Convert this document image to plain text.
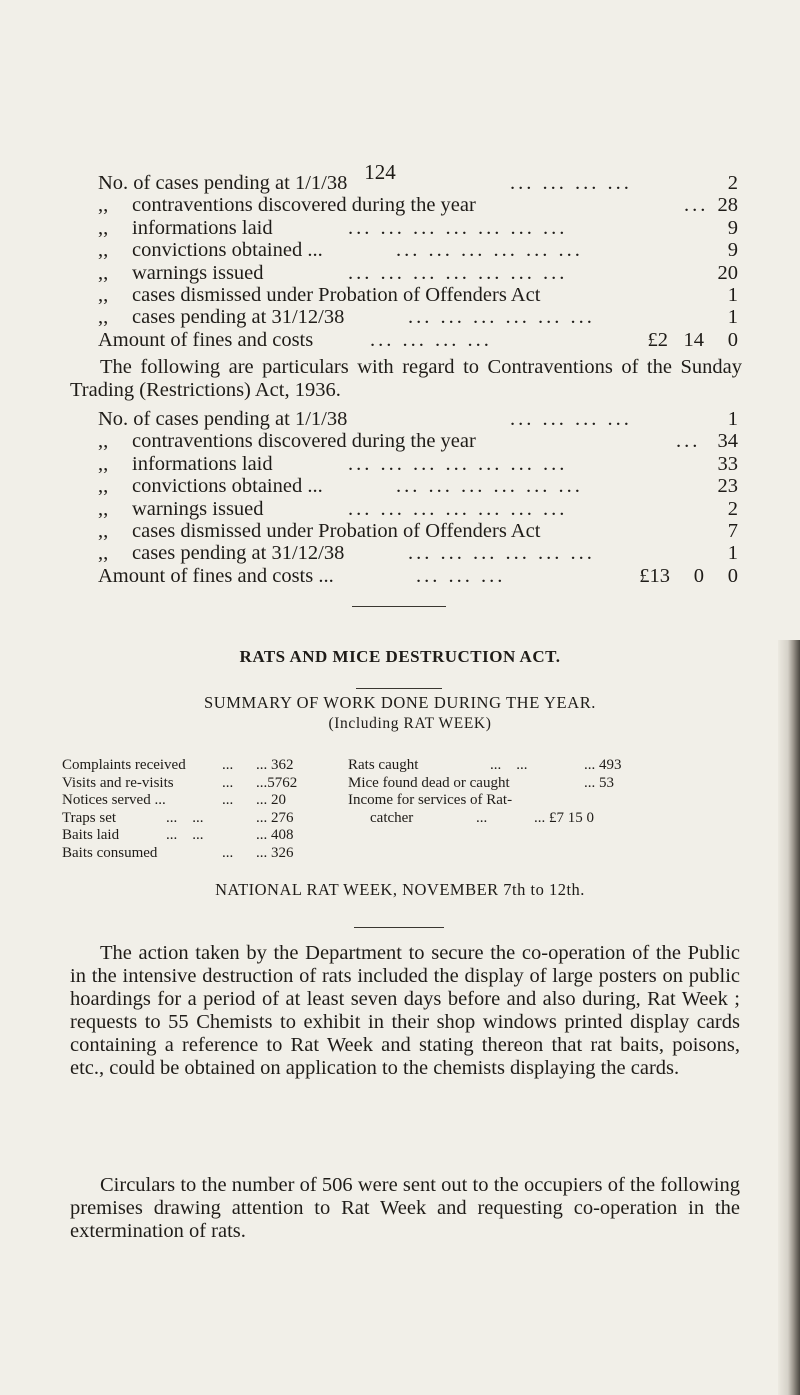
124
No. of cases pending at 1/1/38	... ... ... ...	2
,, contraventions discovered during the year	... 28
,, informations laid	... ... ... ... ... ... ...	9
,, convictions obtained ...	... ... ... ... ... ...	9
,, warnings issued	... ... ... ... ... ... ...	20
,, cases dismissed under Probation of Offenders Act	1
,, cases pending at 31/12/38	... ... ... ... ... ...	1
Amount of fines and costs	... ... ... ...	£2 14	0
The following are particulars with regard to Contraventions of the Sunday Trading (Restrictions) Act, 1936.
No. of cases pending at 1/1/38	... ... ... ...	1
,, contraventions discovered during the year	... 34
,, informations laid	... ... ... ... ... ... ...	33
,, convictions obtained ...	... ... ... ... ... ...	23
,, warnings issued	... ... ... ... ... ... ...	2
,, cases dismissed under Probation of Offenders Act	7
,, cases pending at 31/12/38	... ... ... ... ... ...	1
Amount of fines and costs ...	... ... ...	£13	0	0
RATS AND MICE DESTRUCTION ACT.
SUMMARY OF WORK DONE DURING THE YEAR.
(Including RAT WEEK)
Complaints received ... ... 362
Visits and re-visits	... ...5762
Notices served ...	... ... 20
Traps set	...    ...	... 276
Baits laid	...    ...	... 408
Baits consumed	... ... 326
Rats caught	...    ...	... 493
Mice found dead or caught	... 53
Income for services of Rat-
catcher	...	... £7 15 0
NATIONAL RAT WEEK, NOVEMBER 7th to 12th.
The action taken by the Department to secure the co-operation of the Public in the intensive destruction of rats included the display of large posters on public hoardings for a period of at least seven days before and also during, Rat Week ; requests to 55 Chemists to exhibit in their shop windows printed display cards containing a reference to Rat Week and stating thereon that rat baits, poisons, etc., could be obtained on application to the chemists displaying the cards.
Circulars to the number of 506 were sent out to the occupiers of the following premises drawing attention to Rat Week and requesting co-operation in the extermination of rats.
